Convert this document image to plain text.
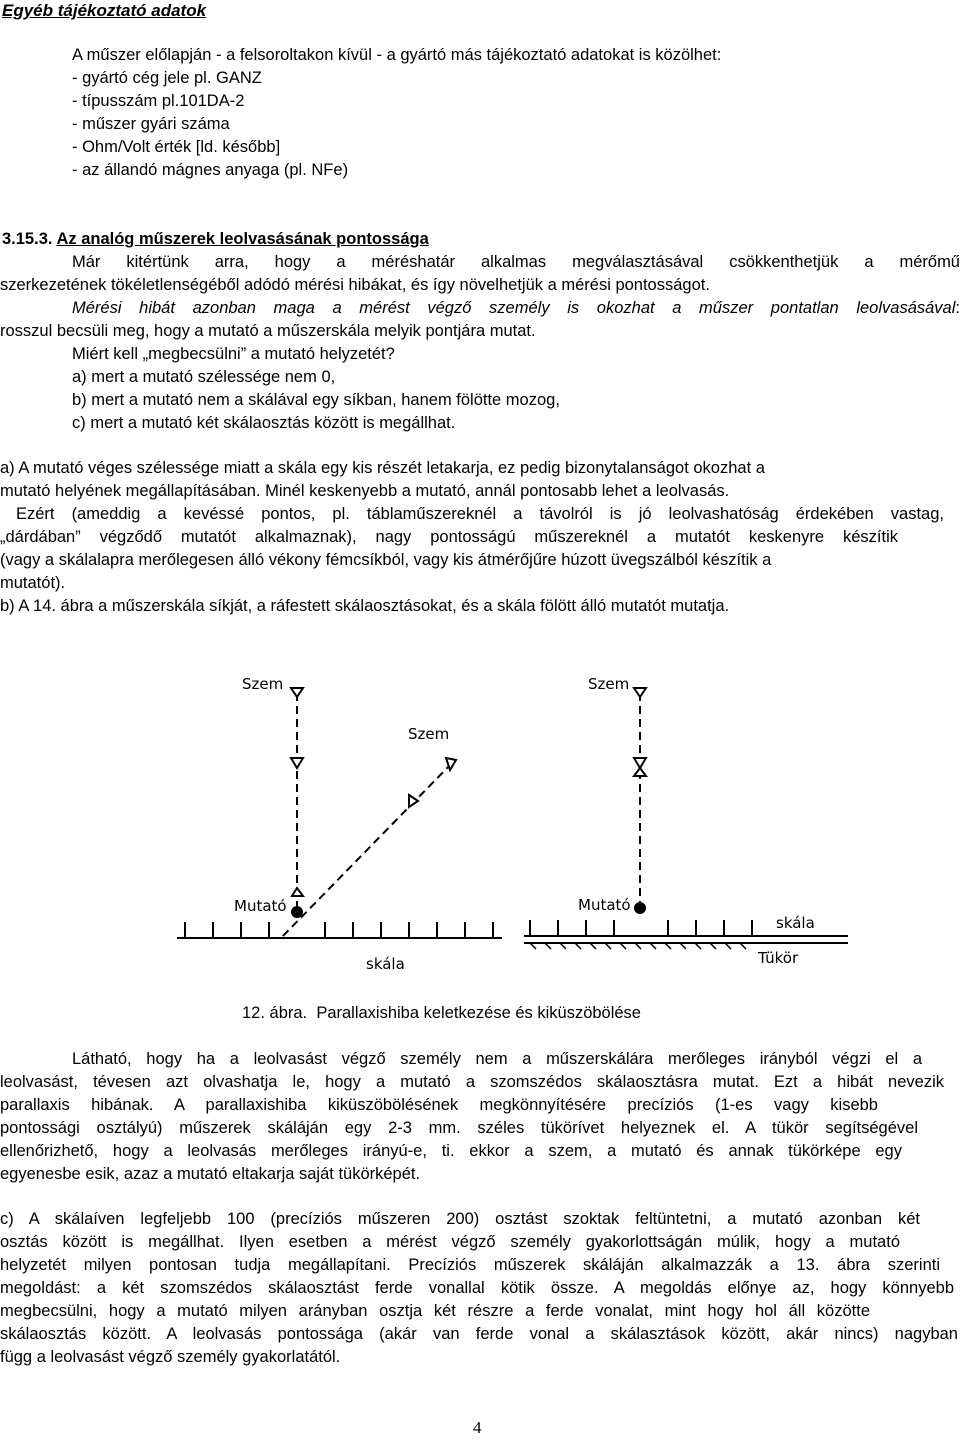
Egyéb tájékoztató adatok
A műszer előlapján - a felsoroltakon kívül - a gyártó más tájékoztató adatokat is közölhet:
- gyártó cég jele pl. GANZ
- típusszám pl.101DA-2
- műszer gyári száma
- Ohm/Volt érték [ld. később]
- az állandó mágnes anyaga (pl. NFe)
3.15.3. Az analóg műszerek leolvasásának pontossága
Már kitértünk arra, hogy a méréshatár alkalmas megválasztásával csökkenthetjük a mérőmű
szerkezetének tökéletlenségéből adódó mérési hibákat, és így növelhetjük a mérési pontosságot.
Mérési hibát azonban maga a mérést végző személy is okozhat a műszer pontatlan leolvasásával:
rosszul becsüli meg, hogy a mutató a műszerskála melyik pontjára mutat.
Miért kell „megbecsülni” a mutató helyzetét?
a) mert a mutató szélessége nem 0,
b) mert a mutató nem a skálával egy síkban, hanem fölötte mozog,
c) mert a mutató két skálaosztás között is megállhat.
a) A mutató véges szélessége miatt a skála egy kis részét letakarja, ez pedig bizonytalanságot okozhat a
mutató helyének megállapításában. Minél keskenyebb a mutató, annál pontosabb lehet a leolvasás.
Ezért (ameddig a kevéssé pontos, pl. táblaműszereknél a távolról is jó leolvashatóság érdekében vastag,
„dárdában” végződő mutatót alkalmaznak), nagy pontosságú műszereknél a mutatót keskenyre készítik
(vagy a skálalapra merőlegesen álló vékony fémcsíkból, vagy kis átmérőjűre húzott üvegszálból készítik a
mutatót).
b) A 14. ábra a műszerskála síkját, a ráfestett skálaosztásokat, és a skála fölött álló mutatót mutatja.
Szem
Szem
Mutató
skála
Szem
Mutató
skála
Tükör
12. ábra. Parallaxishiba keletkezése és kiküszöbölése
Látható, hogy ha a leolvasást végző személy nem a műszerskálára merőleges irányból végzi el a
leolvasást, tévesen azt olvashatja le, hogy a mutató a szomszédos skálaosztásra mutat. Ezt a hibát nevezik
parallaxis hibának. A parallaxishiba kiküszöbölésének megkönnyítésére precíziós (1-es vagy kisebb
pontossági osztályú) műszerek skáláján egy 2-3 mm. széles tükörívet helyeznek el. A tükör segítségével
ellenőrizhető, hogy a leolvasás merőleges irányú-e, ti. ekkor a szem, a mutató és annak tükörképe egy
egyenesbe esik, azaz a mutató eltakarja saját tükörképét.
c) A skálaíven legfeljebb 100 (precíziós műszeren 200) osztást szoktak feltüntetni, a mutató azonban két
osztás között is megállhat. Ilyen esetben a mérést végző személy gyakorlottságán múlik, hogy a mutató
helyzetét milyen pontosan tudja megállapítani. Precíziós műszerek skáláján alkalmazzák a 13. ábra szerinti
megoldást: a két szomszédos skálaosztást ferde vonallal kötik össze. A megoldás előnye az, hogy könnyebb
megbecsülni, hogy a mutató milyen arányban osztja két részre a ferde vonalat, mint hogy hol áll közötte
skálaosztás között. A leolvasás pontossága (akár van ferde vonal a skálasztások között, akár nincs) nagyban
függ a leolvasást végző személy gyakorlatától.
4
